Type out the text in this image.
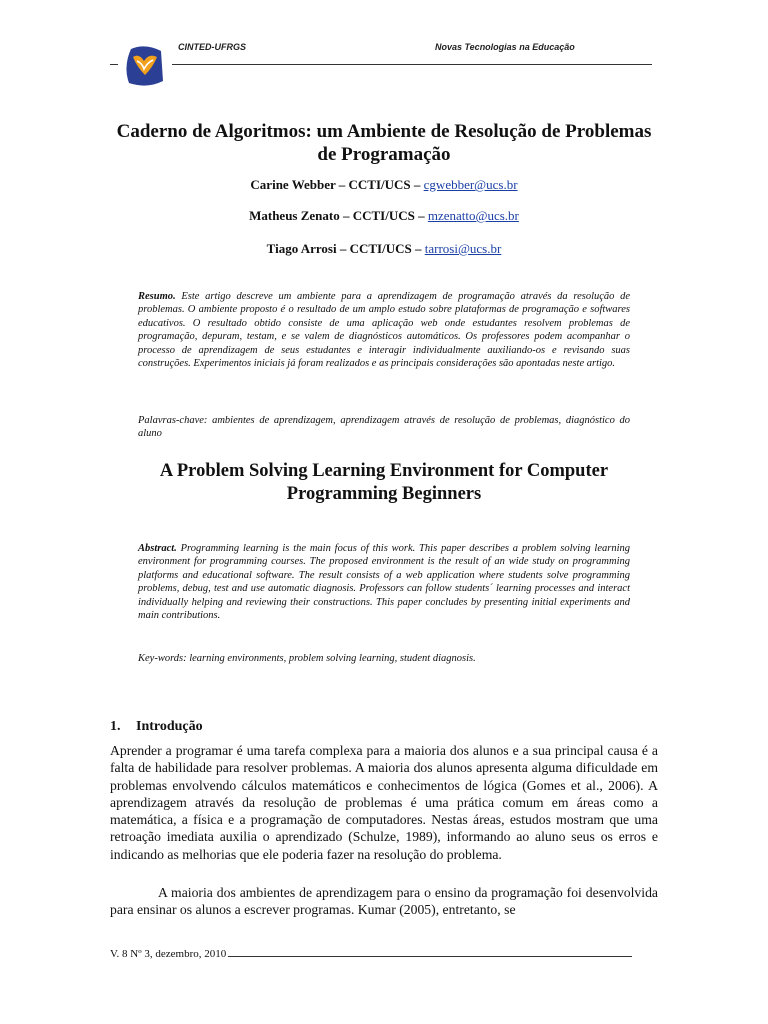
CINTED-UFRGS	Novas Tecnologias na Educação
Caderno de Algoritmos: um Ambiente de Resolução de Problemas de Programação
Carine Webber – CCTI/UCS – cgwebber@ucs.br
Matheus Zenato – CCTI/UCS – mzenatto@ucs.br
Tiago Arrosi – CCTI/UCS – tarrosi@ucs.br
Resumo. Este artigo descreve um ambiente para a aprendizagem de programação através da resolução de problemas. O ambiente proposto é o resultado de um amplo estudo sobre plataformas de programação e softwares educativos. O resultado obtido consiste de uma aplicação web onde estudantes resolvem problemas de programação, depuram, testam, e se valem de diagnósticos automáticos. Os professores podem acompanhar o processo de aprendizagem de seus estudantes e interagir individualmente auxiliando-os e revisando suas construções. Experimentos iniciais já foram realizados e as principais considerações são apontadas neste artigo.
Palavras-chave: ambientes de aprendizagem, aprendizagem através de resolução de problemas, diagnóstico do aluno
A Problem Solving Learning Environment for Computer Programming Beginners
Abstract. Programming learning is the main focus of this work. This paper describes a problem solving learning environment for programming courses. The proposed environment is the result of an wide study on programming platforms and educational software. The result consists of a web application where students solve programming problems, debug, test and use automatic diagnosis. Professors can follow students´ learning processes and interact individually helping and reviewing their constructions. This paper concludes by presenting initial experiments and main contributions.
Key-words: learning environments, problem solving learning, student diagnosis.
1. Introdução
Aprender a programar é uma tarefa complexa para a maioria dos alunos e a sua principal causa é a falta de habilidade para resolver problemas. A maioria dos alunos apresenta alguma dificuldade em problemas envolvendo cálculos matemáticos e conhecimentos de lógica (Gomes et al., 2006). A aprendizagem através da resolução de problemas é uma prática comum em áreas como a matemática, a física e a programação de computadores. Nestas áreas, estudos mostram que uma retroação imediata auxilia o aprendizado (Schulze, 1989), informando ao aluno seus os erros e indicando as melhorias que ele poderia fazer na resolução do problema.
A maioria dos ambientes de aprendizagem para o ensino da programação foi desenvolvida para ensinar os alunos a escrever programas. Kumar (2005), entretanto, se
V. 8 Nº 3, dezembro, 2010
